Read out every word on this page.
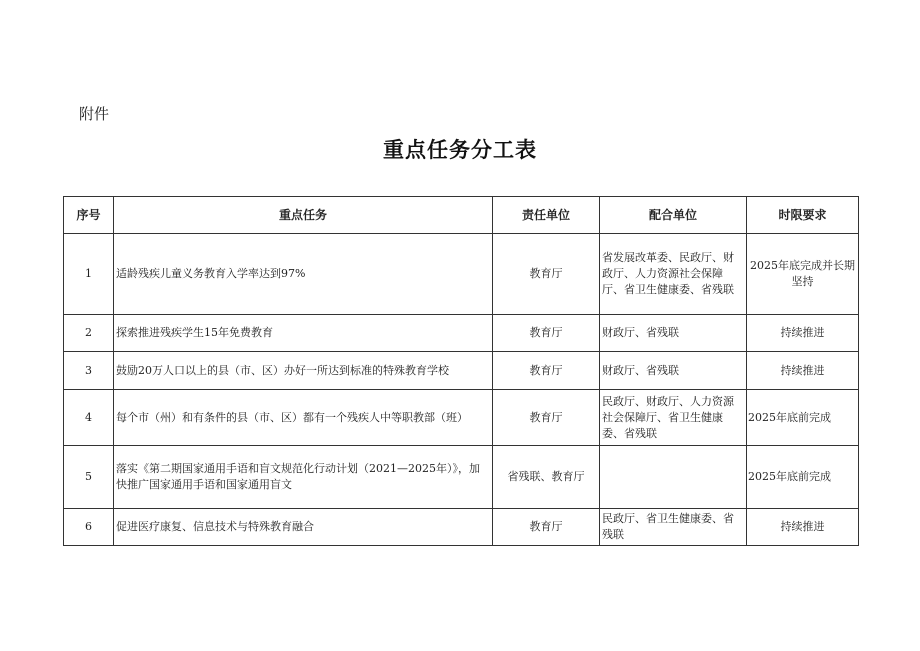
附件
重点任务分工表
序号	重点任务	责任单位	配合单位	时限要求
1	适龄残疾儿童义务教育入学率达到97%	教育厅	省发展改革委、民政厅、财政厅、人力资源社会保障厅、省卫生健康委、省残联	2025年底完成并长期坚持
2	探索推进残疾学生15年免费教育	教育厅	财政厅、省残联	持续推进
3	鼓励20万人口以上的县（市、区）办好一所达到标准的特殊教育学校	教育厅	财政厅、省残联	持续推进
4	每个市（州）和有条件的县（市、区）都有一个残疾人中等职教部（班）	教育厅	民政厅、财政厅、人力资源社会保障厅、省卫生健康委、省残联	2025年底前完成
5	落实《第二期国家通用手语和盲文规范化行动计划（2021—2025年）》，加快推广国家通用手语和国家通用盲文	省残联、教育厅		2025年底前完成
6	促进医疗康复、信息技术与特殊教育融合	教育厅	民政厅、省卫生健康委、省残联	持续推进
